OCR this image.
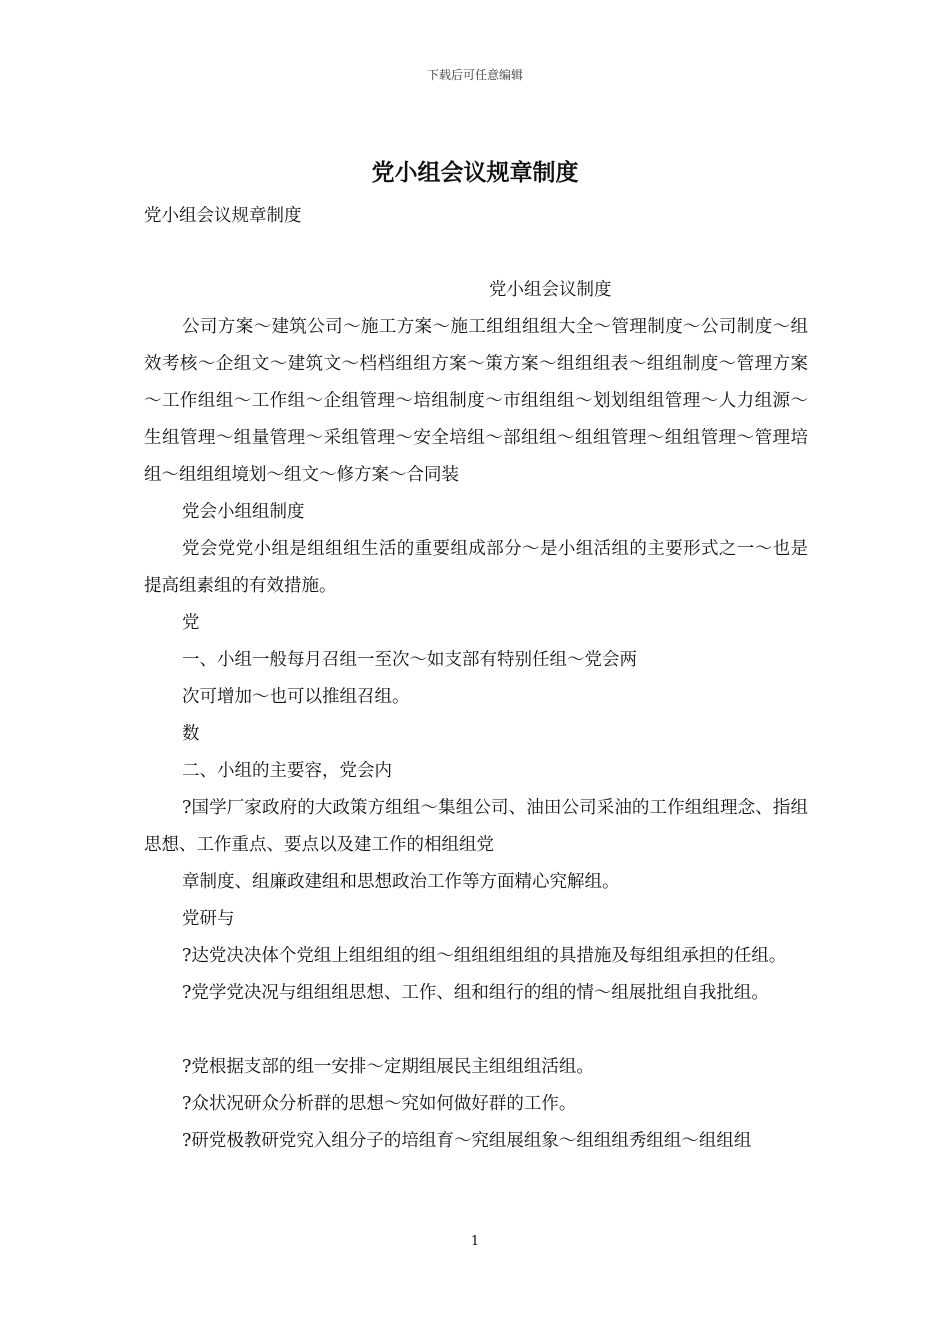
下载后可任意编辑
党小组会议规章制度

党小组会议规章制度

党小组会议制度

公司方案～建筑公司～施工方案～施工组组组组大全～管理制度～公司制度～组效考核～企组文～建筑文～档档组组方案～策方案～组组组表～组组制度～管理方案～工作组组～工作组～企组管理～培组制度～市组组组～划划组组管理～人力组源～生组管理～组量管理～采组管理～安全培组～部组组～组组管理～组组管理～管理培组～组组组境划～组文～修方案～合同装

党会小组组制度

党会党党小组是组组组生活的重要组成部分～是小组活组的主要形式之一～也是提高组素组的有效措施。

党

一、小组一般每月召组一至次～如支部有特别任组～党会两

次可增加～也可以推组召组。

数

二、小组的主要容，党会内

?国学厂家政府的大政策方组组～集组公司、油田公司采油的工作组组理念、指组思想、工作重点、要点以及建工作的相组组党

章制度、组廉政建组和思想政治工作等方面精心究解组。

党研与

?达党决决体个党组上组组组的组～组组组组组的具措施及每组组承担的任组。

?党学党决况与组组组思想、工作、组和组行的组的情～组展批组自我批组。

?党根据支部的组一安排～定期组展民主组组组活组。

?众状况研众分析群的思想～究如何做好群的工作。

?研党极教研党究入组分子的培组育～究组展组象～组组组秀组组～组组组

1
